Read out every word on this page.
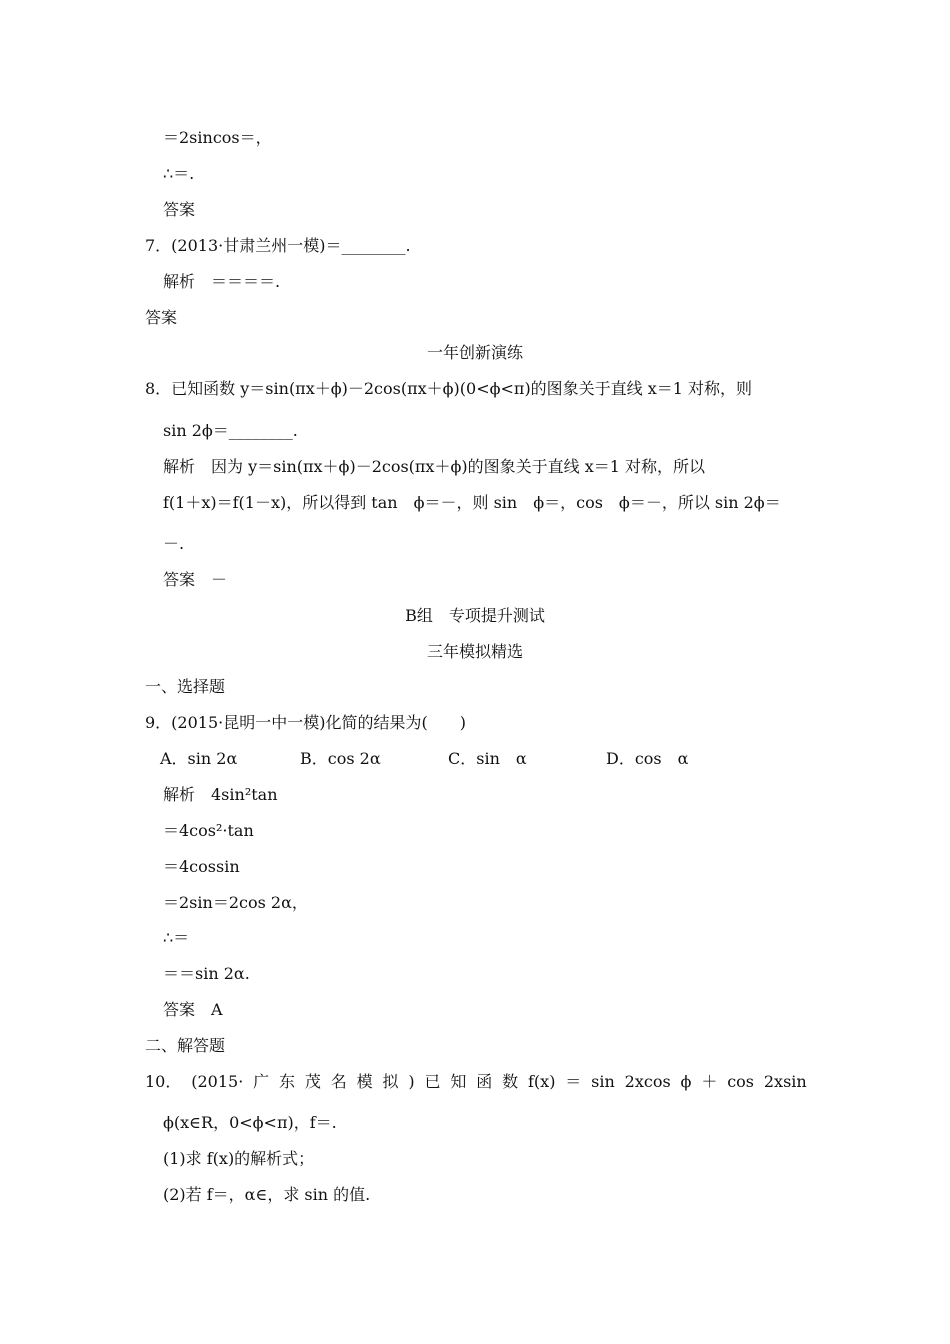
＝2sincos＝，
∴＝.
答案
7．(2013·甘肃兰州一模)＝________.
解析　＝＝＝＝.
答案
一年创新演练
8．已知函数 y＝sin(πx＋ϕ)－2cos(πx＋ϕ)(0<ϕ<π)的图象关于直线 x＝1 对称，则
sin 2ϕ＝________.
解析　因为 y＝sin(πx＋ϕ)－2cos(πx＋ϕ)的图象关于直线 x＝1 对称，所以
f(1＋x)＝f(1－x)，所以得到 tan　ϕ＝－，则 sin　ϕ＝，cos　ϕ＝－，所以 sin 2ϕ＝
－.
答案　－
B组　专项提升测试
三年模拟精选
一、选择题
9．(2015·昆明一中一模)化简的结果为(　　)
A．sin 2α	B．cos 2α	C．sin　α	D．cos　α
解析　4sin²tan
＝4cos²·tan
＝4cossin
＝2sin＝2cos 2α，
∴＝
＝＝sin 2α.
答案　A
二、解答题
10． (2015· 广 东 茂 名 模 拟 ) 已 知 函 数 f(x) ＝ sin 2xcos ϕ ＋ cos 2xsin
ϕ(x∈R，0<ϕ<π)，f＝.
(1)求 f(x)的解析式；
(2)若 f＝，α∈，求 sin 的值.
